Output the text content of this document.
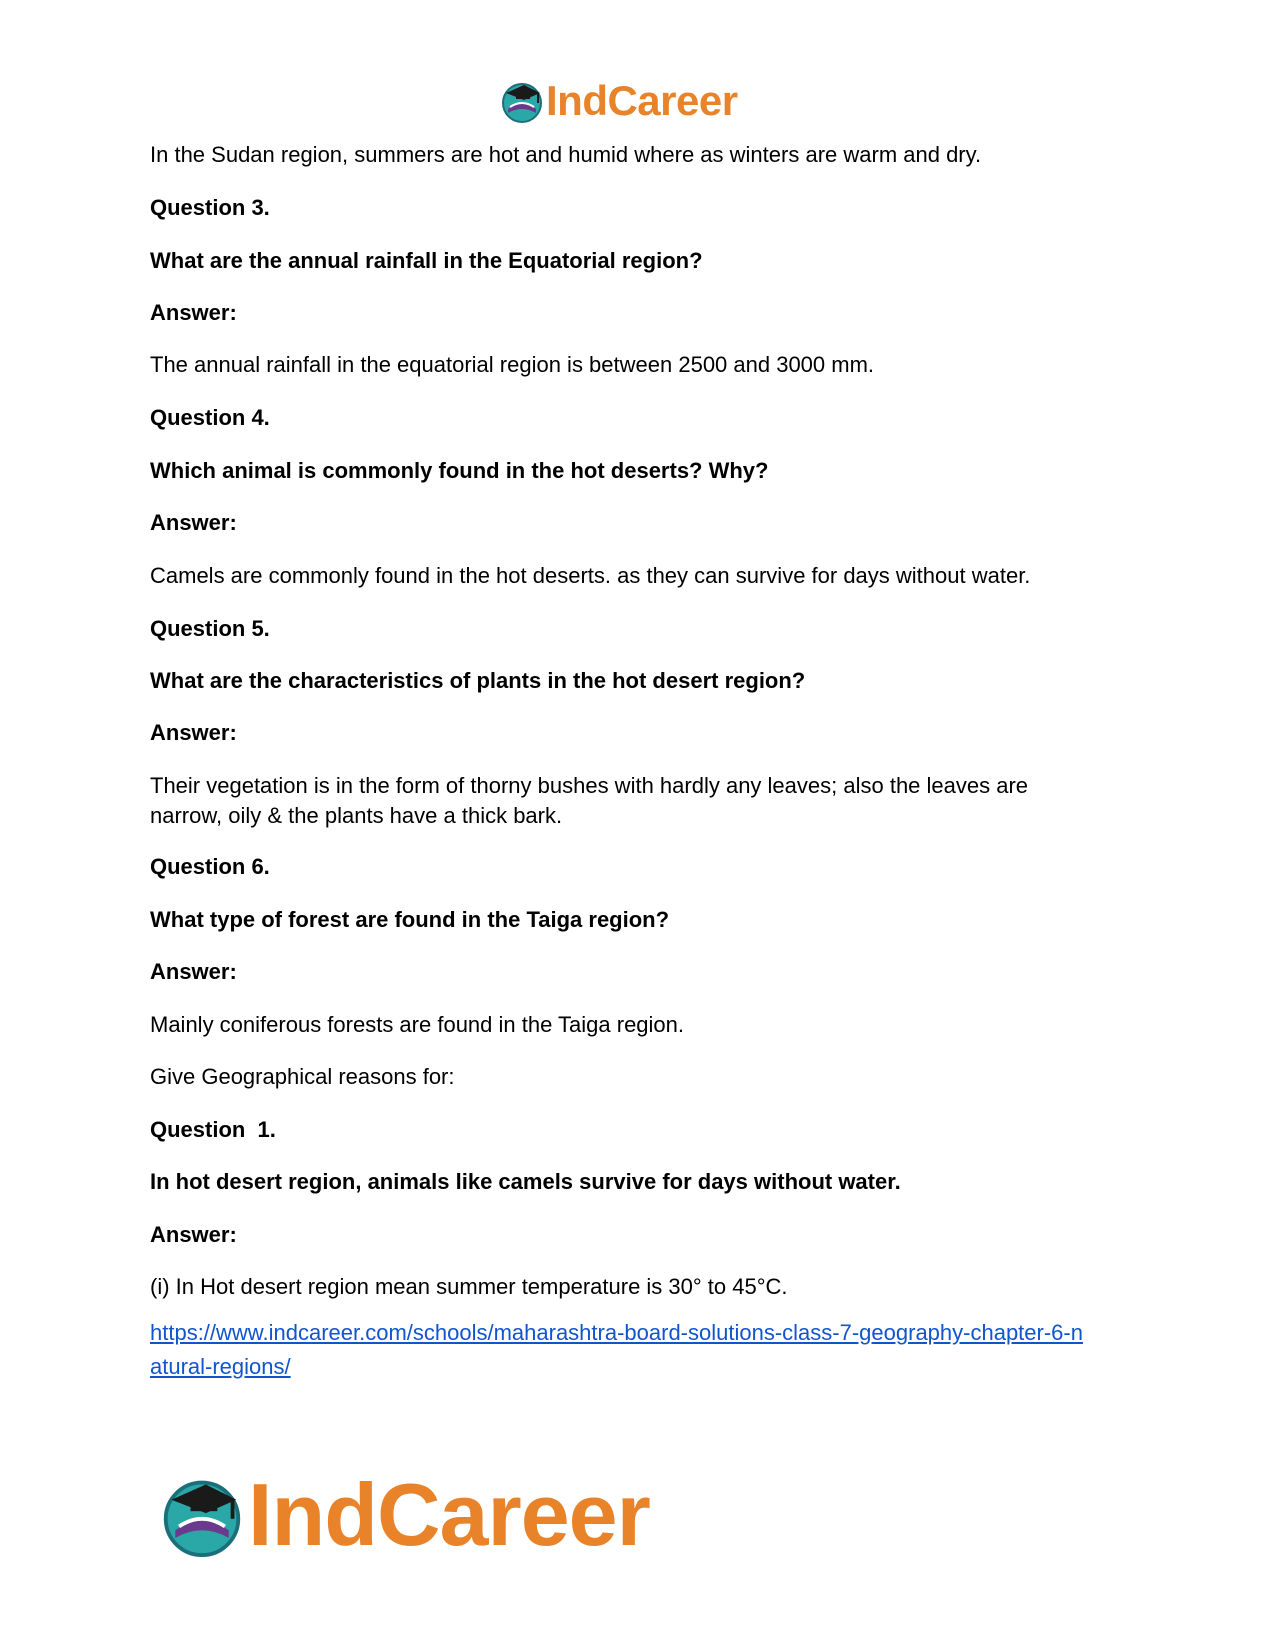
IndCareer
In the Sudan region, summers are hot and humid where as winters are warm and dry.
Question 3.
What are the annual rainfall in the Equatorial region?
Answer:
The annual rainfall in the equatorial region is between 2500 and 3000 mm.
Question 4.
Which animal is commonly found in the hot deserts? Why?
Answer:
Camels are commonly found in the hot deserts. as they can survive for days without water.
Question 5.
What are the characteristics of plants in the hot desert region?
Answer:
Their vegetation is in the form of thorny bushes with hardly any leaves; also the leaves are narrow, oily & the plants have a thick bark.
Question 6.
What type of forest are found in the Taiga region?
Answer:
Mainly coniferous forests are found in the Taiga region.
Give Geographical reasons for:
Question  1.
In hot desert region, animals like camels survive for days without water.
Answer:
(i) In Hot desert region mean summer temperature is 30° to 45°C.
https://www.indcareer.com/schools/maharashtra-board-solutions-class-7-geography-chapter-6-n
atural-regions/
IndCareer
